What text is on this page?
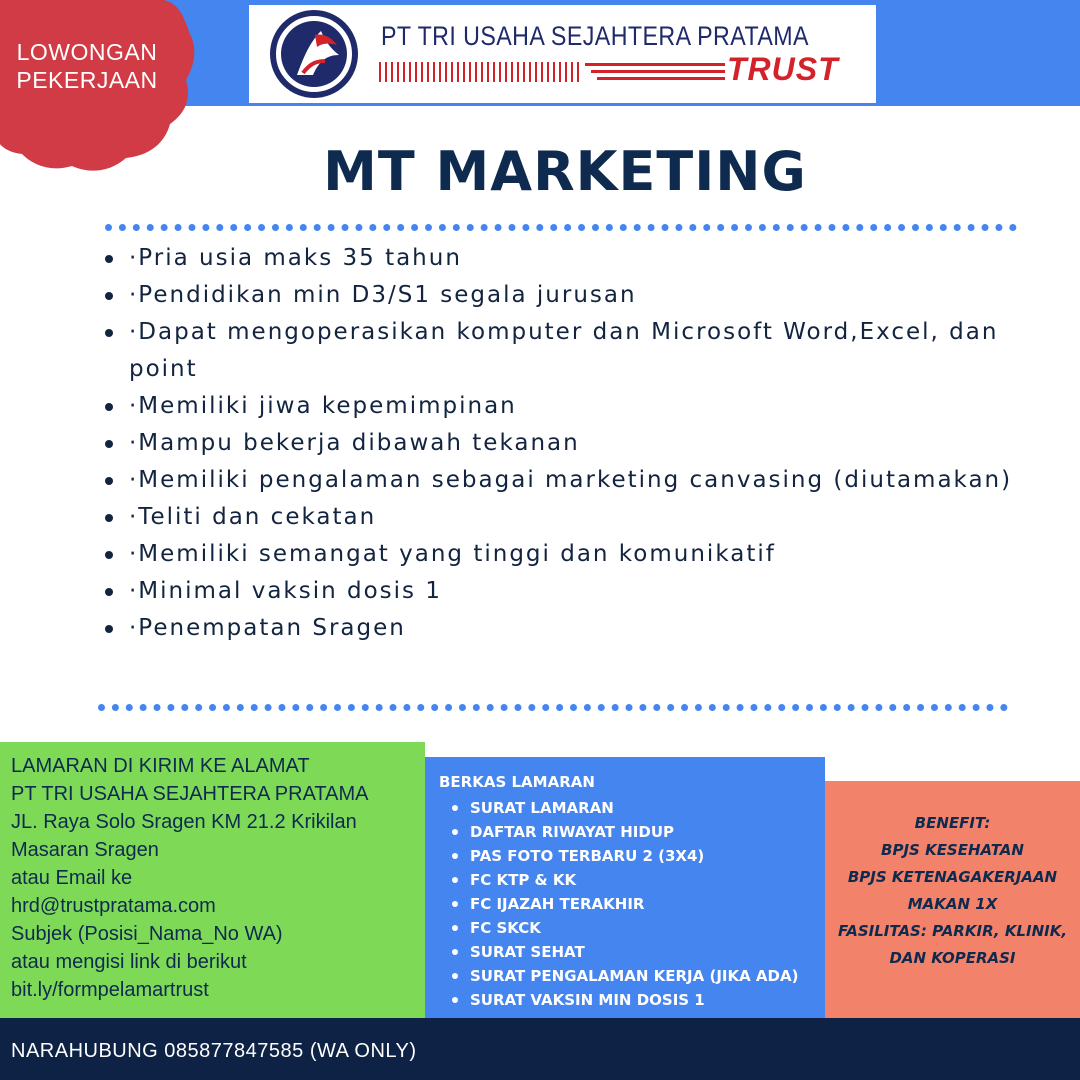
PT TRI USAHA SEJAHTERA PRATAMA
TRUST
LOWONGAN
PEKERJAAN
MT MARKETING
·Pria usia maks 35 tahun
·Pendidikan min D3/S1 segala jurusan
·Dapat mengoperasikan komputer dan Microsoft Word,Excel, dan point
·Memiliki jiwa kepemimpinan
·Mampu bekerja dibawah tekanan
·Memiliki pengalaman sebagai marketing canvasing (diutamakan)
·Teliti dan cekatan
·Memiliki semangat yang tinggi dan komunikatif
·Minimal vaksin dosis 1
·Penempatan Sragen
LAMARAN DI KIRIM KE ALAMAT
PT TRI USAHA SEJAHTERA PRATAMA
JL. Raya Solo Sragen KM 21.2 Krikilan
Masaran Sragen
atau Email ke
hrd@trustpratama.com
Subjek (Posisi_Nama_No WA)
atau mengisi link di berikut
bit.ly/formpelamartrust
BERKAS LAMARAN
SURAT LAMARAN
DAFTAR RIWAYAT HIDUP
PAS FOTO TERBARU 2 (3X4)
FC KTP & KK
FC IJAZAH TERAKHIR
FC SKCK
SURAT SEHAT
SURAT PENGALAMAN KERJA (JIKA ADA)
SURAT VAKSIN MIN DOSIS 1
BENEFIT:
BPJS KESEHATAN
BPJS KETENAGAKERJAAN
MAKAN 1X
FASILITAS: PARKIR, KLINIK,
DAN KOPERASI
NARAHUBUNG 085877847585 (WA ONLY)
